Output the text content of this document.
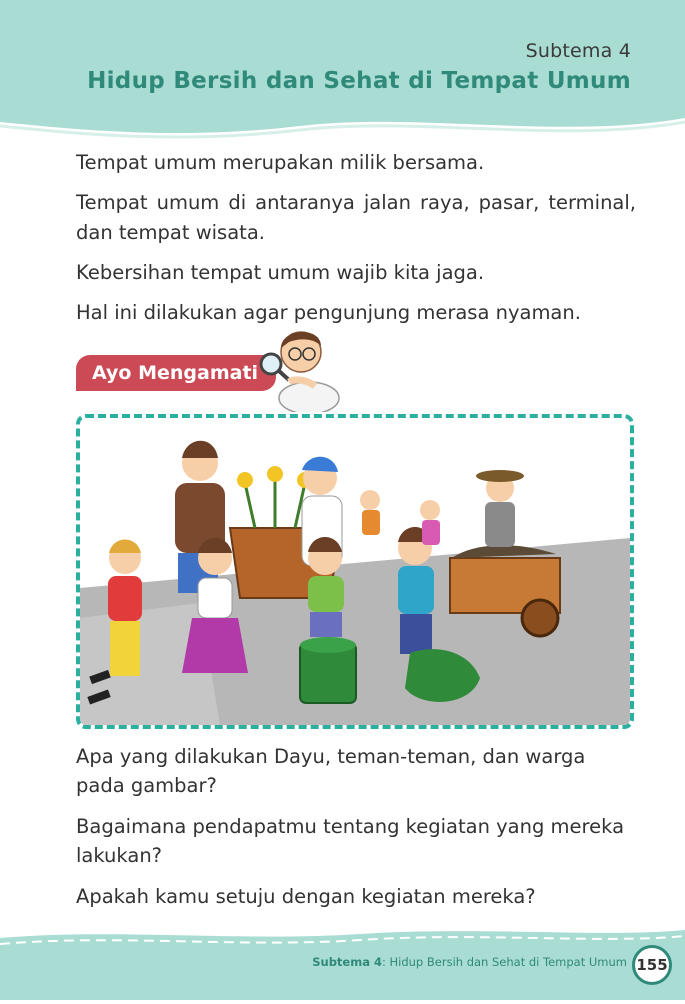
Subtema 4
Hidup Bersih dan Sehat di Tempat Umum

Tempat umum merupakan milik bersama.

Tempat umum di antaranya jalan raya, pasar, terminal, dan tempat wisata.

Kebersihan tempat umum wajib kita jaga.

Hal ini dilakukan agar pengunjung merasa nyaman.

Ayo Mengamati

Apa yang dilakukan Dayu, teman-teman, dan warga pada gambar?

Bagaimana pendapatmu tentang kegiatan yang mereka lakukan?

Apakah kamu setuju dengan kegiatan mereka?

Subtema 4: Hidup Bersih dan Sehat di Tempat Umum 155
